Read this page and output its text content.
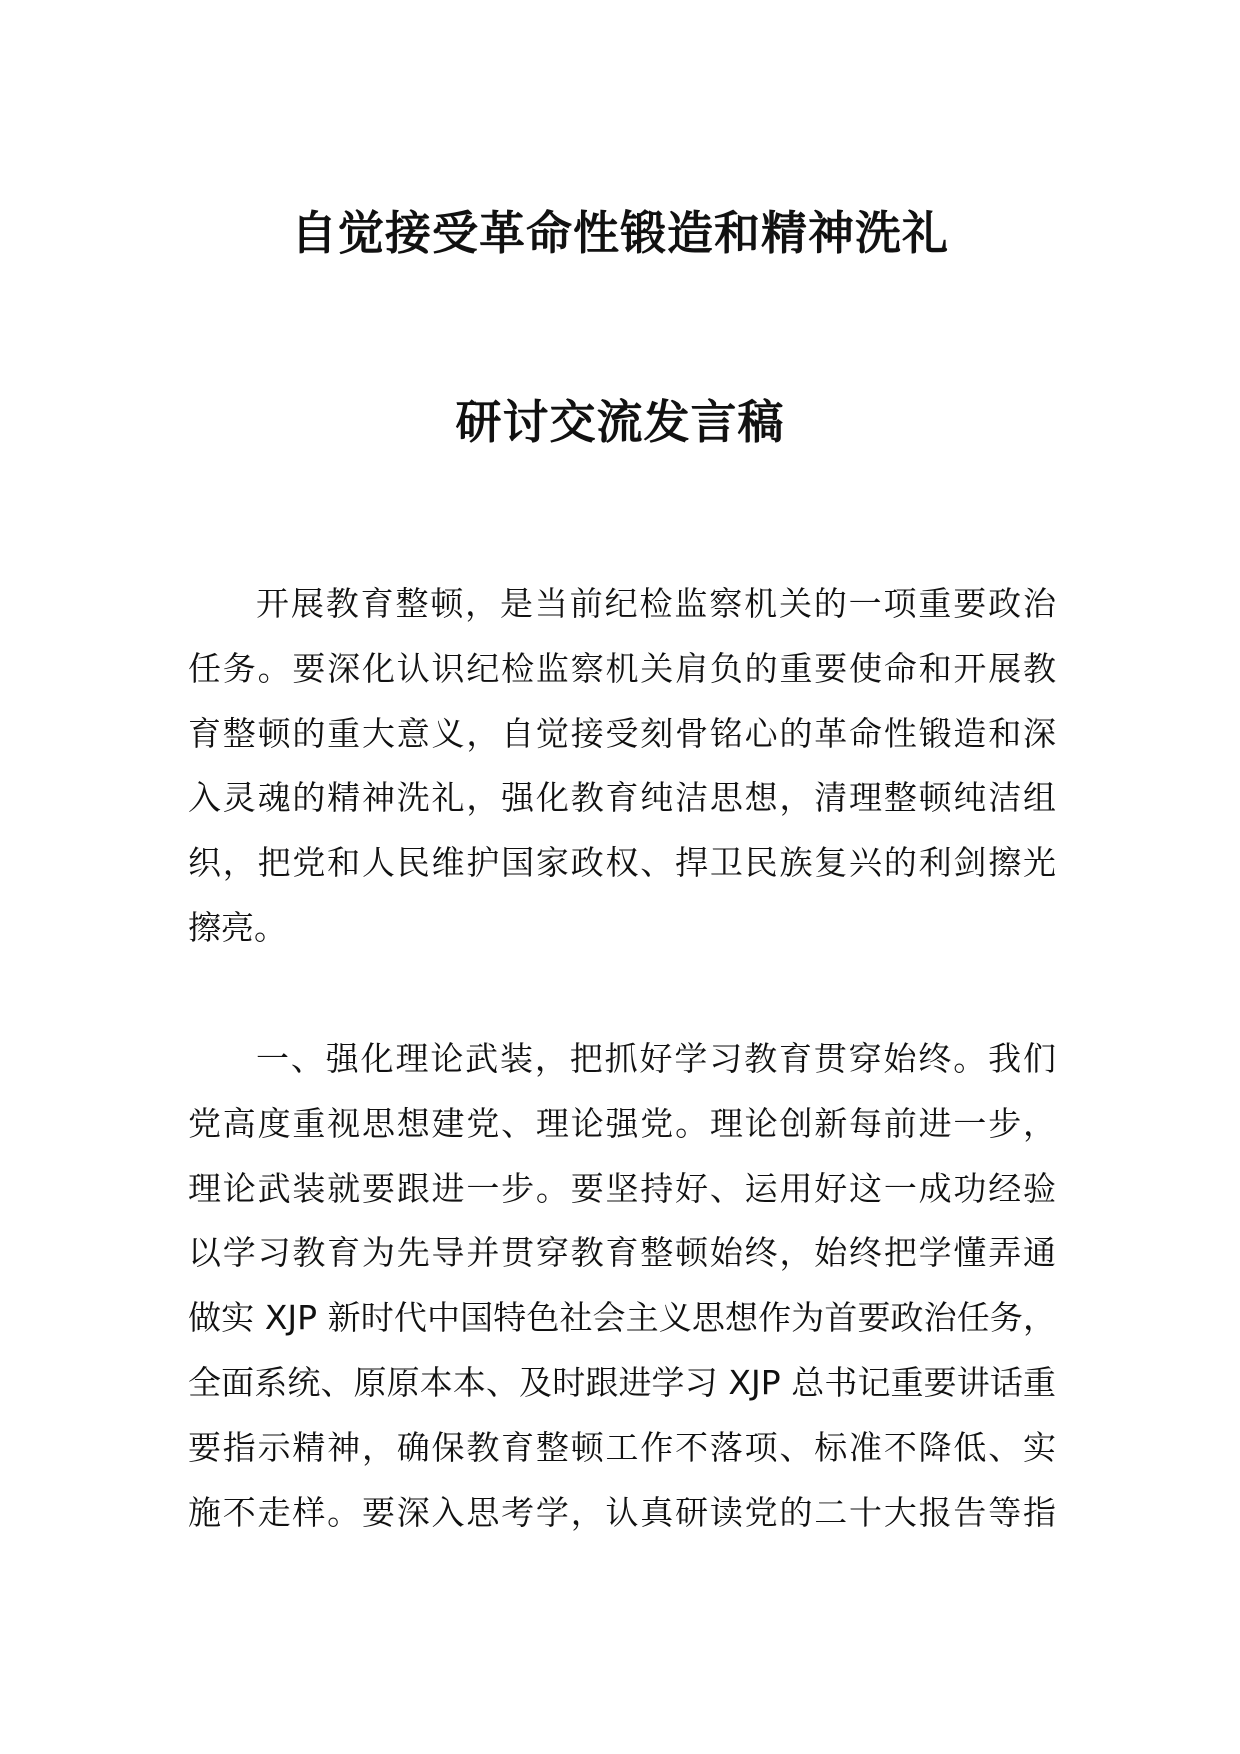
自觉接受革命性锻造和精神洗礼
研讨交流发言稿
开展教育整顿，是当前纪检监察机关的一项重要政治
任务。要深化认识纪检监察机关肩负的重要使命和开展教
育整顿的重大意义，自觉接受刻骨铭心的革命性锻造和深
入灵魂的精神洗礼，强化教育纯洁思想，清理整顿纯洁组
织，把党和人民维护国家政权、捍卫民族复兴的利剑擦光
擦亮。
一、强化理论武装，把抓好学习教育贯穿始终。我们
党高度重视思想建党、理论强党。理论创新每前进一步，
理论武装就要跟进一步。要坚持好、运用好这一成功经验
以学习教育为先导并贯穿教育整顿始终，始终把学懂弄通
做实 XJP 新时代中国特色社会主义思想作为首要政治任务，
全面系统、原原本本、及时跟进学习 XJP 总书记重要讲话重
要指示精神，确保教育整顿工作不落项、标准不降低、实
施不走样。要深入思考学，认真研读党的二十大报告等指
